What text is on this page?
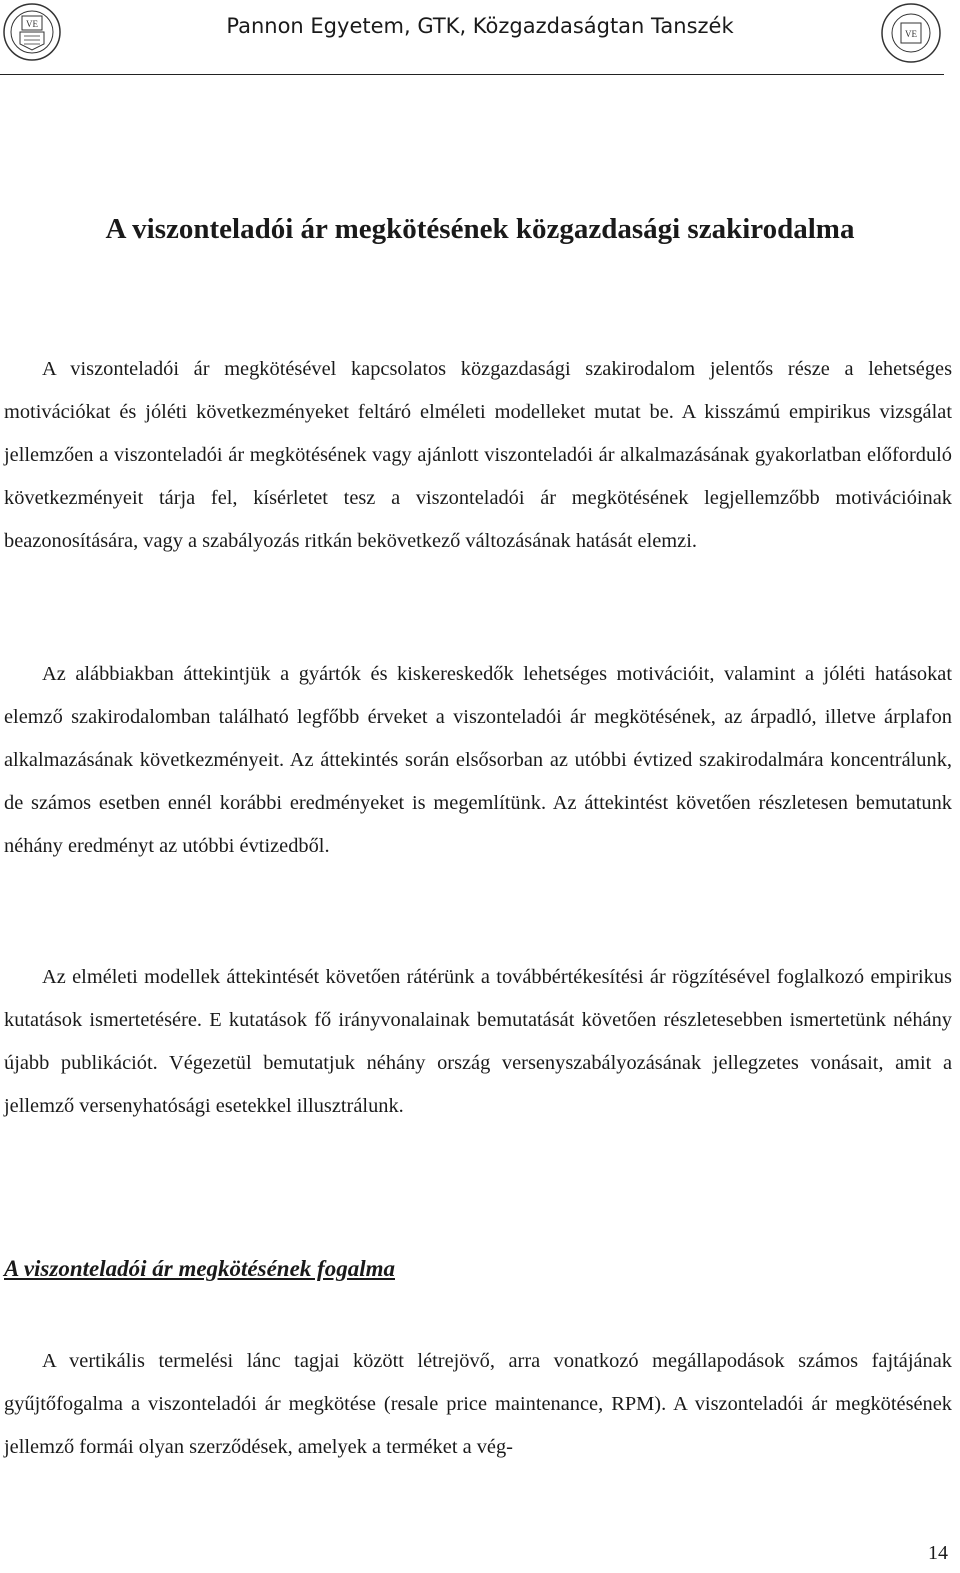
VE	Pannon Egyetem, GTK, Közgazdaságtan Tanszék	VE
A viszonteladói ár megkötésének közgazdasági szakirodalma

A viszonteladói ár megkötésével kapcsolatos közgazdasági szakirodalom jelentős része a lehetséges motivációkat és jóléti következményeket feltáró elméleti modelleket mutat be. A kisszámú empirikus vizsgálat jellemzően a viszonteladói ár megkötésének vagy ajánlott viszonteladói ár alkalmazásának gyakorlatban előforduló következményeit tárja fel, kísérletet tesz a viszonteladói ár megkötésének legjellemzőbb motivációinak beazonosítására, vagy a szabályozás ritkán bekövetkező változásának hatását elemzi.

Az alábbiakban áttekintjük a gyártók és kiskereskedők lehetséges motivációit, valamint a jóléti hatásokat elemző szakirodalomban található legfőbb érveket a viszonteladói ár megkötésének, az árpadló, illetve árplafon alkalmazásának következményeit. Az áttekintés során elsősorban az utóbbi évtized szakirodalmára koncentrálunk, de számos esetben ennél korábbi eredményeket is megemlítünk. Az áttekintést követően részletesen bemutatunk néhány eredményt az utóbbi évtizedből.

Az elméleti modellek áttekintését követően rátérünk a továbbértékesítési ár rögzítésével foglalkozó empirikus kutatások ismertetésére. E kutatások fő irányvonalainak bemutatását követően részletesebben ismertetünk néhány újabb publikációt. Végezetül bemutatjuk néhány ország versenyszabályozásának jellegzetes vonásait, amit a jellemző versenyhatósági esetekkel illusztrálunk.

A viszonteladói ár megkötésének fogalma

A vertikális termelési lánc tagjai között létrejövő, arra vonatkozó megállapodások számos fajtájának gyűjtőfogalma a viszonteladói ár megkötése (resale price maintenance, RPM). A viszonteladói ár megkötésének jellemző formái olyan szerződések, amelyek a terméket a vég-

14
